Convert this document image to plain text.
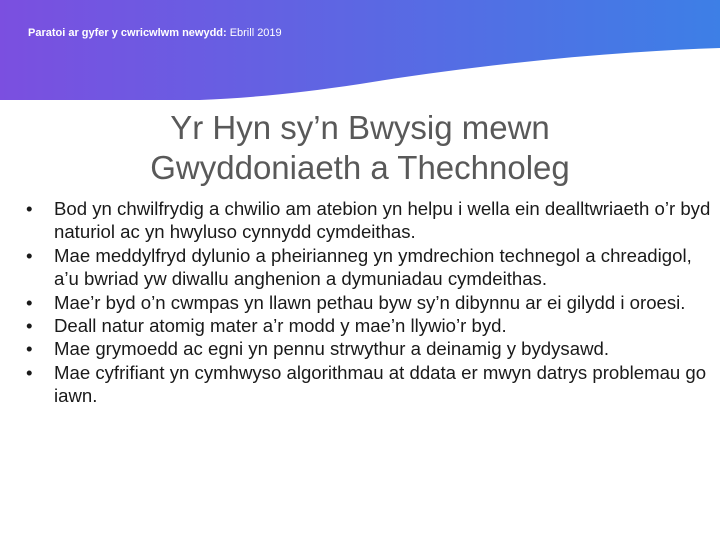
Paratoi ar gyfer y cwricwlwm newydd: Ebrill 2019
Yr Hyn sy’n Bwysig mewn
Gwyddoniaeth a Thechnoleg
• Bod yn chwilfrydig a chwilio am atebion yn helpu i wella ein dealltwriaeth o’r byd naturiol ac yn hwyluso cynnydd cymdeithas.
• Mae meddylfryd dylunio a pheirianneg yn ymdrechion technegol a chreadigol, a’u bwriad yw diwallu anghenion a dymuniadau cymdeithas.
• Mae’r byd o’n cwmpas yn llawn pethau byw sy’n dibynnu ar ei gilydd i oroesi.
• Deall natur atomig mater a’r modd y mae’n llywio’r byd.
• Mae grymoedd ac egni yn pennu strwythur a deinamig y bydysawd.
• Mae cyfrifiant yn cymhwyso algorithmau at ddata er mwyn datrys problemau go iawn.
